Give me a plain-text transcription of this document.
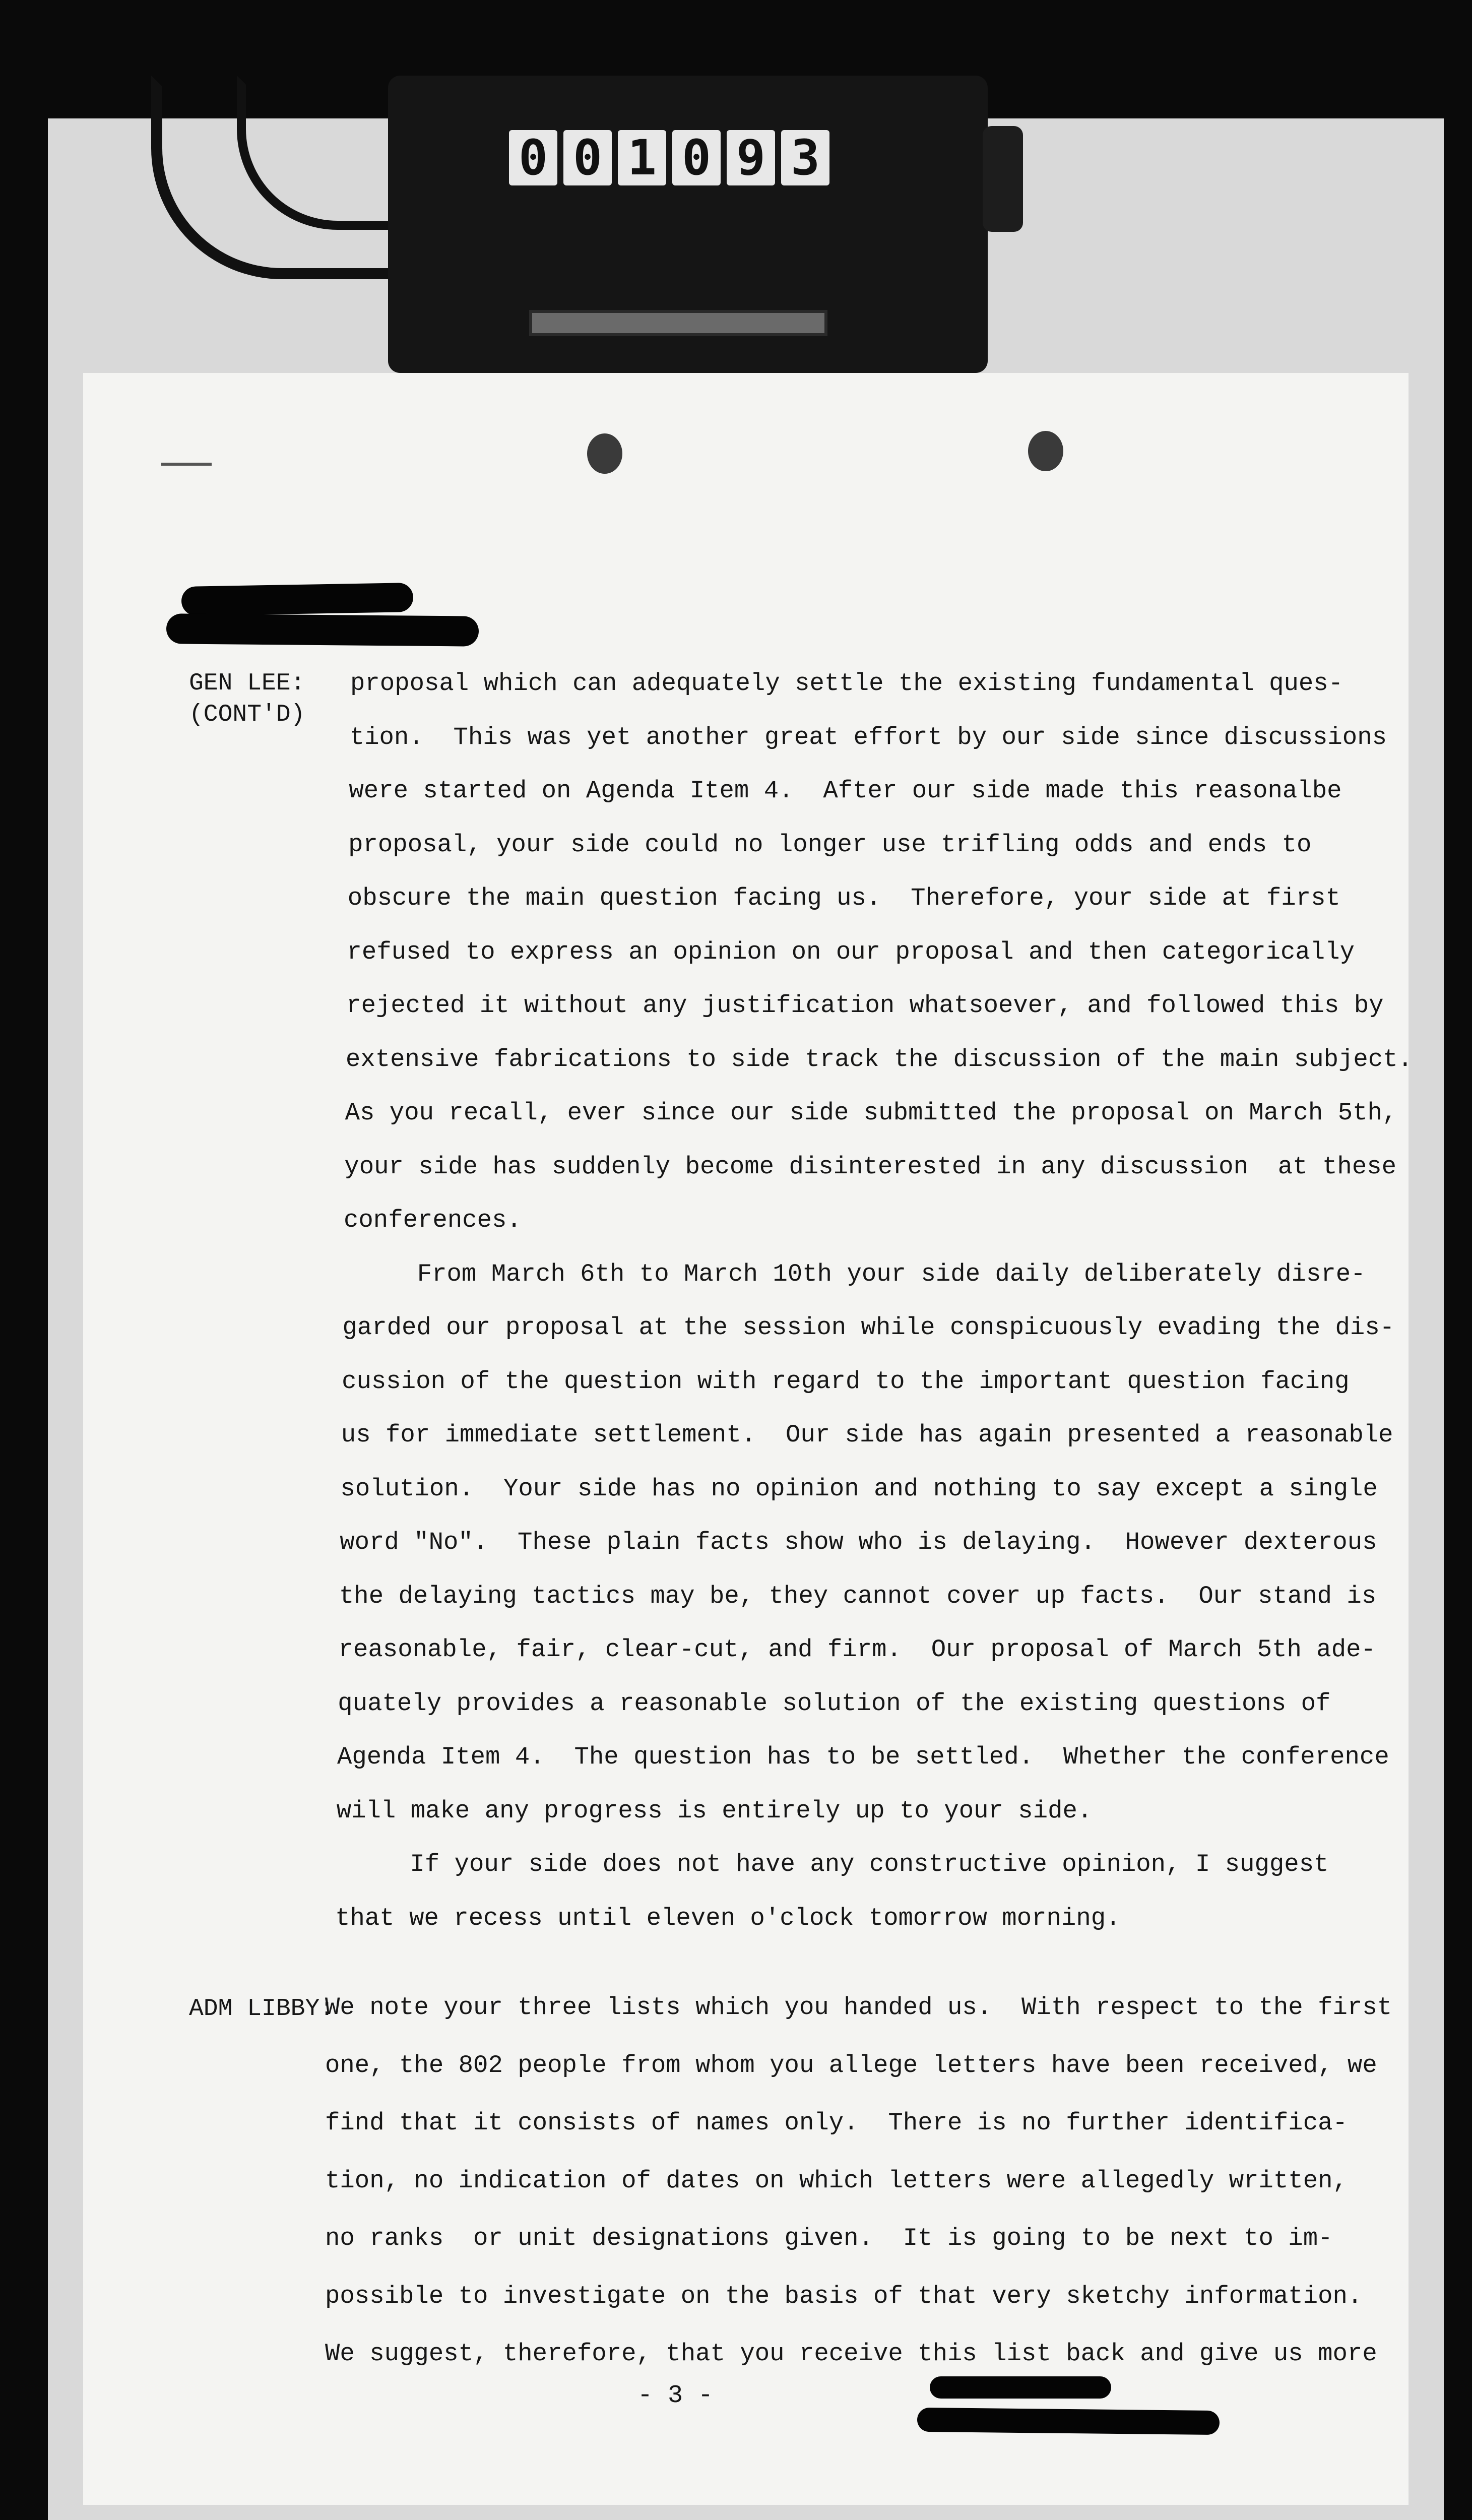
0 0 1 0 9 3
GEN LEE:
(CONT'D)
ADM LIBBY:
proposal which can adequately settle the existing fundamental ques-
tion.  This was yet another great effort by our side since discussions
were started on Agenda Item 4.  After our side made this reasonalbe
proposal, your side could no longer use trifling odds and ends to
obscure the main question facing us.  Therefore, your side at first
refused to express an opinion on our proposal and then categorically
rejected it without any justification whatsoever, and followed this by
extensive fabrications to side track the discussion of the main subject.
As you recall, ever since our side submitted the proposal on March 5th,
your side has suddenly become disinterested in any discussion  at these
conferences.
From March 6th to March 10th your side daily deliberately disre-
garded our proposal at the session while conspicuously evading the dis-
cussion of the question with regard to the important question facing
us for immediate settlement.  Our side has again presented a reasonable
solution.  Your side has no opinion and nothing to say except a single
word "No".  These plain facts show who is delaying.  However dexterous
the delaying tactics may be, they cannot cover up facts.  Our stand is
reasonable, fair, clear-cut, and firm.  Our proposal of March 5th ade-
quately provides a reasonable solution of the existing questions of
Agenda Item 4.  The question has to be settled.  Whether the conference
will make any progress is entirely up to your side.
If your side does not have any constructive opinion, I suggest
that we recess until eleven o'clock tomorrow morning.
We note your three lists which you handed us.  With respect to the first
one, the 802 people from whom you allege letters have been received, we
find that it consists of names only.  There is no further identifica-
tion, no indication of dates on which letters were allegedly written,
no ranks  or unit designations given.  It is going to be next to im-
possible to investigate on the basis of that very sketchy information.
We suggest, therefore, that you receive this list back and give us more
- 3 -
